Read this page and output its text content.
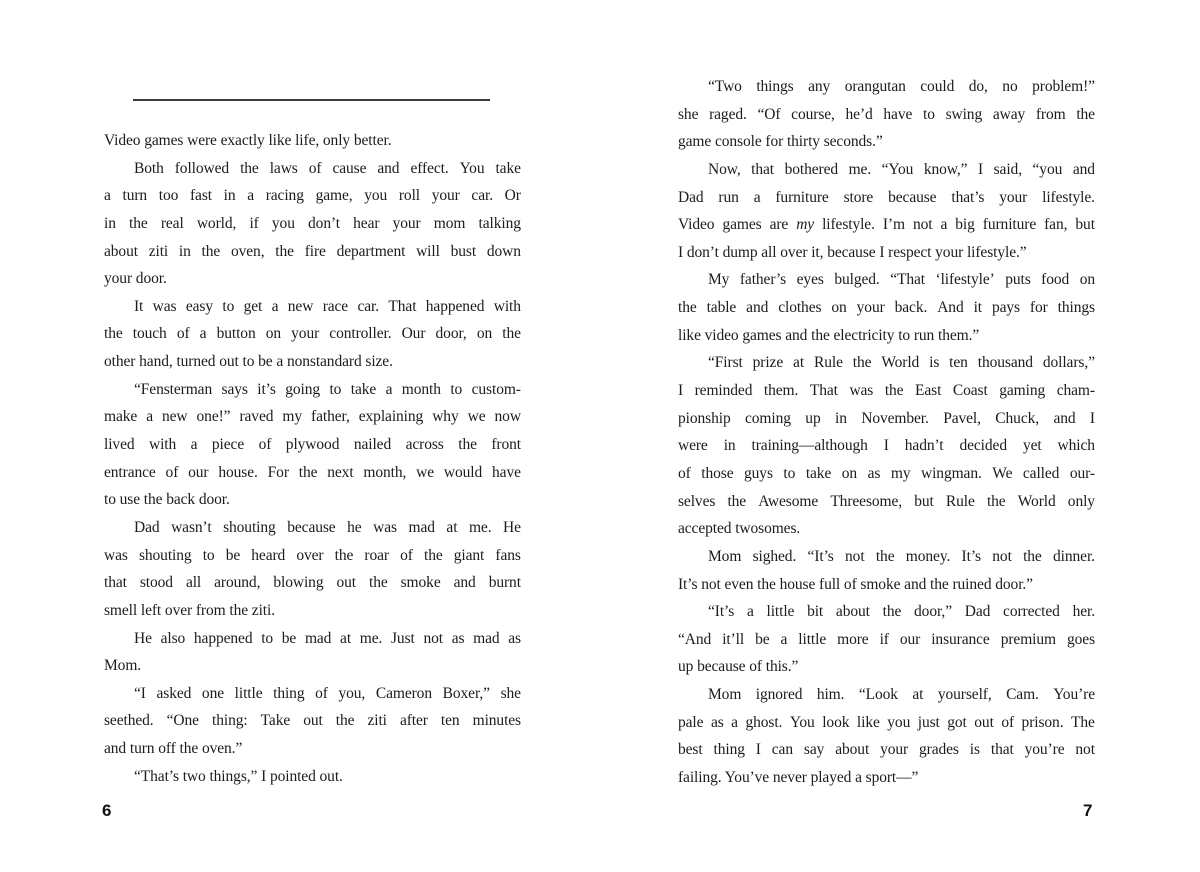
Video games were exactly like life, only better.
Both followed the laws of cause and effect. You take
a turn too fast in a racing game, you roll your car. Or
in the real world, if you don’t hear your mom talking
about ziti in the oven, the fire department will bust down
your door.
It was easy to get a new race car. That happened with
the touch of a button on your controller. Our door, on the
other hand, turned out to be a nonstandard size.
“Fensterman says it’s going to take a month to custom-
make a new one!” raved my father, explaining why we now
lived with a piece of plywood nailed across the front
entrance of our house. For the next month, we would have
to use the back door.
Dad wasn’t shouting because he was mad at me. He
was shouting to be heard over the roar of the giant fans
that stood all around, blowing out the smoke and burnt
smell left over from the ziti.
He also happened to be mad at me. Just not as mad as
Mom.
“I asked one little thing of you, Cameron Boxer,” she
seethed. “One thing: Take out the ziti after ten minutes
and turn off the oven.”
“That’s two things,” I pointed out.
“Two things any orangutan could do, no problem!”
she raged. “Of course, he’d have to swing away from the
game console for thirty seconds.”
Now, that bothered me. “You know,” I said, “you and
Dad run a furniture store because that’s your lifestyle.
Video games are my lifestyle. I’m not a big furniture fan, but
I don’t dump all over it, because I respect your lifestyle.”
My father’s eyes bulged. “That ‘lifestyle’ puts food on
the table and clothes on your back. And it pays for things
like video games and the electricity to run them.”
“First prize at Rule the World is ten thousand dollars,”
I reminded them. That was the East Coast gaming cham-
pionship coming up in November. Pavel, Chuck, and I
were in training—although I hadn’t decided yet which
of those guys to take on as my wingman. We called our-
selves the Awesome Threesome, but Rule the World only
accepted twosomes.
Mom sighed. “It’s not the money. It’s not the dinner.
It’s not even the house full of smoke and the ruined door.”
“It’s a little bit about the door,” Dad corrected her.
“And it’ll be a little more if our insurance premium goes
up because of this.”
Mom ignored him. “Look at yourself, Cam. You’re
pale as a ghost. You look like you just got out of prison. The
best thing I can say about your grades is that you’re not
failing. You’ve never played a sport—”
6	7
